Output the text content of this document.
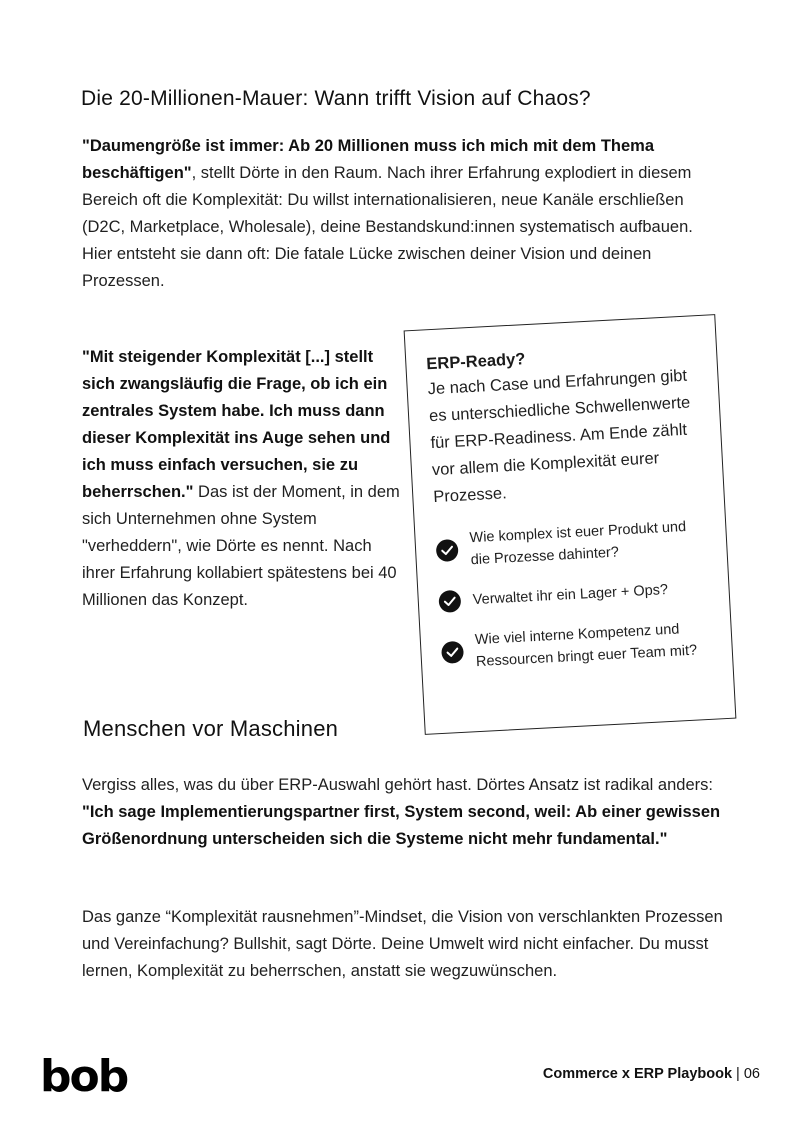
Die 20-Millionen-Mauer: Wann trifft Vision auf Chaos?

"Daumengröße ist immer: Ab 20 Millionen muss ich mich mit dem Thema beschäftigen", stellt Dörte in den Raum. Nach ihrer Erfahrung explodiert in diesem Bereich oft die Komplexität: Du willst internationalisieren, neue Kanäle erschließen (D2C, Marketplace, Wholesale), deine Bestandskund:innen systematisch aufbauen. Hier entsteht sie dann oft: Die fatale Lücke zwischen deiner Vision und deinen Prozessen.

"Mit steigender Komplexität [...] stellt sich zwangsläufig die Frage, ob ich ein zentrales System habe. Ich muss dann dieser Komplexität ins Auge sehen und ich muss einfach versuchen, sie zu beherrschen." Das ist der Moment, in dem sich Unternehmen ohne System "verheddern", wie Dörte es nennt. Nach ihrer Erfahrung kollabiert spätestens bei 40 Millionen das Konzept.

ERP-Ready?

Je nach Case und Erfahrungen gibt es unterschiedliche Schwellenwerte für ERP-Readiness. Am Ende zählt vor allem die Komplexität eurer Prozesse.

Wie komplex ist euer Produkt und die Prozesse dahinter?
Verwaltet ihr ein Lager + Ops?
Wie viel interne Kompetenz und Ressourcen bringt euer Team mit?
Menschen vor Maschinen

Vergiss alles, was du über ERP-Auswahl gehört hast. Dörtes Ansatz ist radikal anders: "Ich sage Implementierungspartner first, System second, weil: Ab einer gewissen Größenordnung unterscheiden sich die Systeme nicht mehr fundamental."

Das ganze “Komplexität rausnehmen”-Mindset, die Vision von verschlankten Prozessen und Vereinfachung? Bullshit, sagt Dörte. Deine Umwelt wird nicht einfacher. Du musst lernen, Komplexität zu beherrschen, anstatt sie wegzuwünschen.

bob	Commerce x ERP Playbook | 06
